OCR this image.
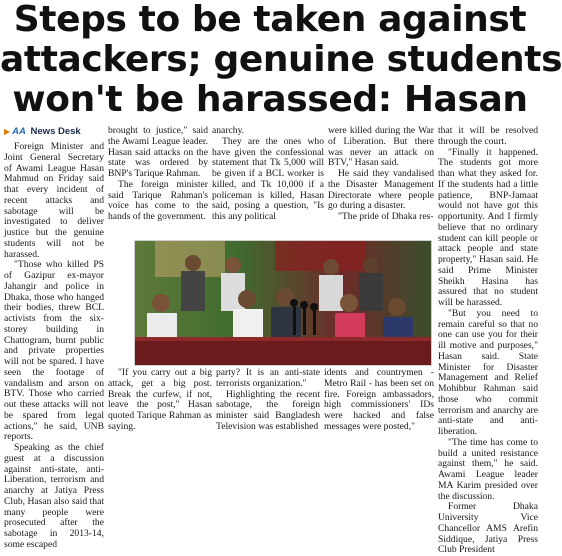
Steps to be taken against
attackers; genuine students
won't be harassed: Hasan
▶ AA News Desk

Foreign Minister and Joint General Secretary of Awami League Hasan Mahmud on Friday said that every incident of recent attacks and sabotage will be investigated to deliver justice but the genuine students will not be harassed.

"Those who killed PS of Gazipur ex-mayor Jahangir and police in Dhaka, those who hanged their bodies, threw BCL activists from the six-storey building in Chattogram, burnt public and private properties will not be spared. I have seen the footage of vandalism and arson on BTV. Those who carried out these attacks will not be spared from legal actions," he said, UNB reports.

Speaking as the chief guest at a discussion against anti-state, anti-Liberation, terrorism and anarchy at Jatiya Press Club, Hasan also said that many people were prosecuted after the sabotage in 2013-14, some escaped

brought to justice," said the Awami League leader. Hasan said attacks on the state was ordered by BNP's Tarique Rahman.

The foreign minister said Tarique Rahman's voice has come to the hands of the government.

anarchy.

They are the ones who have given the confessional statement that Tk 5,000 will be given if a BCL worker is killed, and Tk 10,000 if a policeman is killed, Hasan said, posing a question, "Is this any political

were killed during the War of Liberation. But there was never an attack on BTV," Hasan said.

He said they vandalised the Disaster Management Directorate where people go during a disaster.

"The pride of Dhaka res-

that it will be resolved through the court.

"Finally it happened. The students got more than what they asked for. If the students had a little patience, BNP-Jamaat would not have got this opportunity. And I firmly believe that no ordinary student can kill people or attack people and state property," Hasan said. He said Prime Minister Sheikh Hasina has assured that no student will be harassed.

"But you need to remain careful so that no one can use you for their ill motive and purposes," Hasan said. State Minister for Disaster Management and Relief Mohibbur Rahman said those who commit terrorism and anarchy are anti-state and anti-liberation.

"The time has come to build a united resistance against them," he said. Awami League leader MA Karim presided over the discussion.

Former Dhaka University Vice Chancellor AMS Arefin Siddique, Jatiya Press Club President

"If you carry out a big attack, get a big post. Break the curfew, if not, leave the post," Hasan quoted Tarique Rahman as saying.

party? It is an anti-state terrorists organization."

Highlighting the recent sabotage, the foreign minister said Bangladesh Television was established

idents and countrymen - Metro Rail - has been set on fire. Foreign ambassadors, high commissioners' IDs were hacked and false messages were posted,"
